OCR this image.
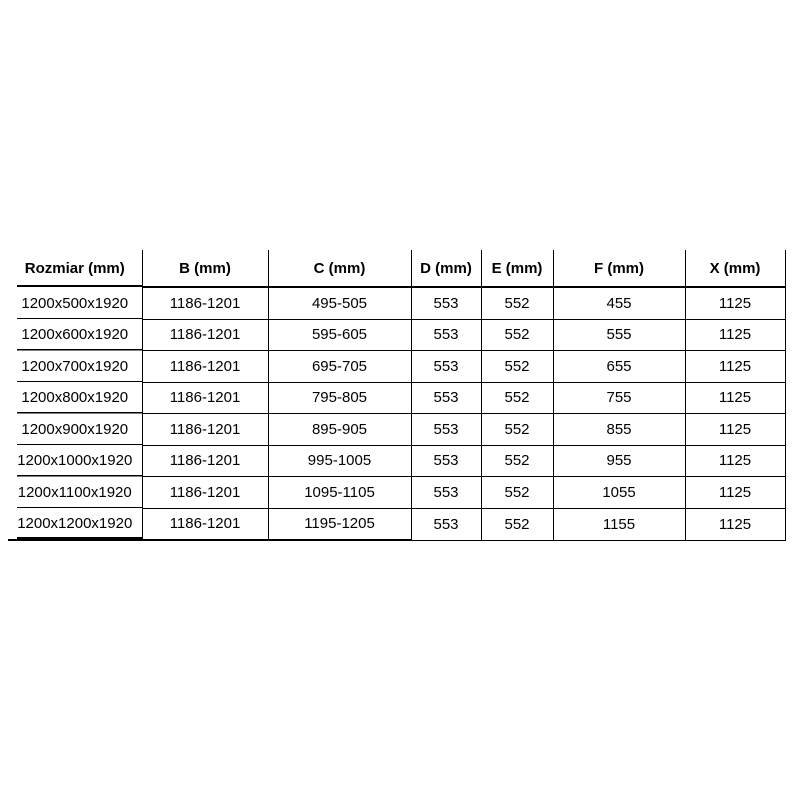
Rozmiar (mm)	B (mm)	C (mm)	D (mm)	E (mm)	F (mm)	X (mm)
1200x500x1920	1186-1201	495-505	553	552	455	1125
1200x600x1920	1186-1201	595-605	553	552	555	1125
1200x700x1920	1186-1201	695-705	553	552	655	1125
1200x800x1920	1186-1201	795-805	553	552	755	1125
1200x900x1920	1186-1201	895-905	553	552	855	1125
1200x1000x1920	1186-1201	995-1005	553	552	955	1125
1200x1100x1920	1186-1201	1095-1105	553	552	1055	1125
1200x1200x1920	1186-1201	1195-1205	553	552	1155	1125
